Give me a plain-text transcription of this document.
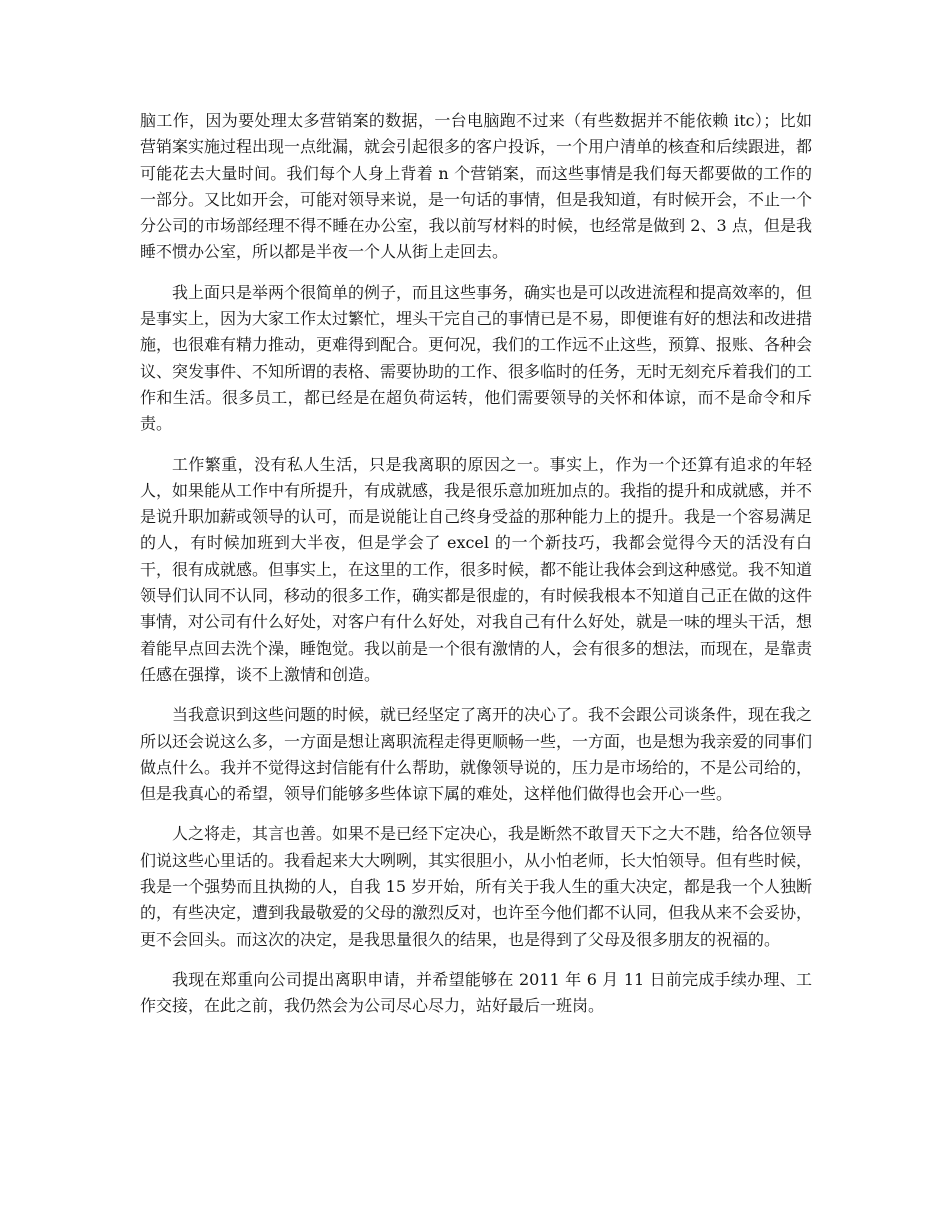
脑工作，因为要处理太多营销案的数据，一台电脑跑不过来（有些数据并不能依赖 itc）；比如营销案实施过程出现一点纰漏，就会引起很多的客户投诉，一个用户清单的核查和后续跟进，都可能花去大量时间。我们每个人身上背着 n 个营销案，而这些事情是我们每天都要做的工作的一部分。又比如开会，可能对领导来说，是一句话的事情，但是我知道，有时候开会，不止一个分公司的市场部经理不得不睡在办公室，我以前写材料的时候，也经常是做到 2、3 点，但是我睡不惯办公室，所以都是半夜一个人从街上走回去。

我上面只是举两个很简单的例子，而且这些事务，确实也是可以改进流程和提高效率的，但是事实上，因为大家工作太过繁忙，埋头干完自己的事情已是不易，即便谁有好的想法和改进措施，也很难有精力推动，更难得到配合。更何况，我们的工作远不止这些，预算、报账、各种会议、突发事件、不知所谓的表格、需要协助的工作、很多临时的任务，无时无刻充斥着我们的工作和生活。很多员工，都已经是在超负荷运转，他们需要领导的关怀和体谅，而不是命令和斥责。

工作繁重，没有私人生活，只是我离职的原因之一。事实上，作为一个还算有追求的年轻人，如果能从工作中有所提升，有成就感，我是很乐意加班加点的。我指的提升和成就感，并不是说升职加薪或领导的认可，而是说能让自己终身受益的那种能力上的提升。我是一个容易满足的人，有时候加班到大半夜，但是学会了 excel 的一个新技巧，我都会觉得今天的活没有白干，很有成就感。但事实上，在这里的工作，很多时候，都不能让我体会到这种感觉。我不知道领导们认同不认同，移动的很多工作，确实都是很虚的，有时候我根本不知道自己正在做的这件事情，对公司有什么好处，对客户有什么好处，对我自己有什么好处，就是一味的埋头干活，想着能早点回去洗个澡，睡饱觉。我以前是一个很有激情的人，会有很多的想法，而现在，是靠责任感在强撑，谈不上激情和创造。

当我意识到这些问题的时候，就已经坚定了离开的决心了。我不会跟公司谈条件，现在我之所以还会说这么多，一方面是想让离职流程走得更顺畅一些，一方面，也是想为我亲爱的同事们做点什么。我并不觉得这封信能有什么帮助，就像领导说的，压力是市场给的，不是公司给的，但是我真心的希望，领导们能够多些体谅下属的难处，这样他们做得也会开心一些。

人之将走，其言也善。如果不是已经下定决心，我是断然不敢冒天下之大不韪，给各位领导们说这些心里话的。我看起来大大咧咧，其实很胆小，从小怕老师，长大怕领导。但有些时候，我是一个强势而且执拗的人，自我 15 岁开始，所有关于我人生的重大决定，都是我一个人独断的，有些决定，遭到我最敬爱的父母的激烈反对，也许至今他们都不认同，但我从来不会妥协，更不会回头。而这次的决定，是我思量很久的结果，也是得到了父母及很多朋友的祝福的。

我现在郑重向公司提出离职申请，并希望能够在 2011 年 6 月 11 日前完成手续办理、工作交接，在此之前，我仍然会为公司尽心尽力，站好最后一班岗。
